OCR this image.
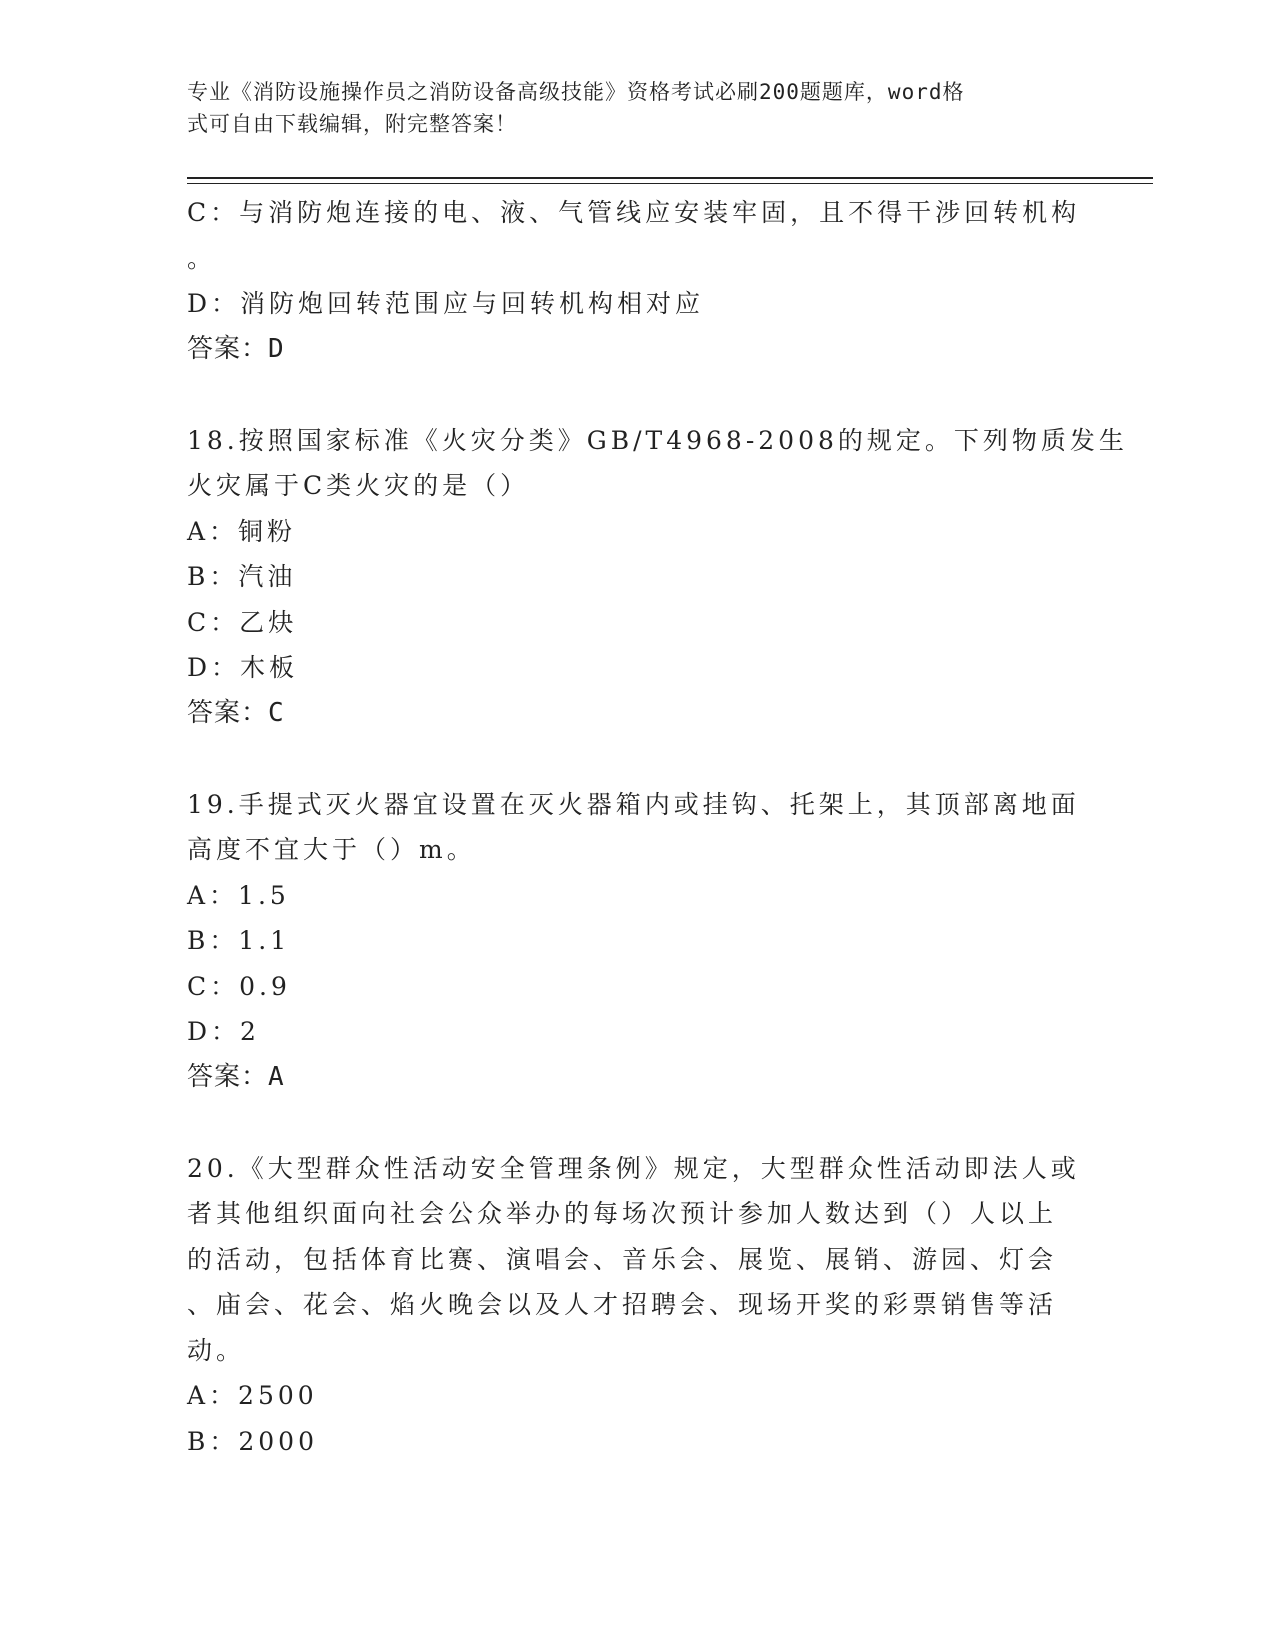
专业《消防设施操作员之消防设备高级技能》资格考试必刷200题题库，word格
式可自由下载编辑，附完整答案！
C：与消防炮连接的电、液、气管线应安装牢固，且不得干涉回转机构
。
D：消防炮回转范围应与回转机构相对应
答案：D
18.按照国家标准《火灾分类》GB/T4968-2008的规定。下列物质发生
火灾属于C类火灾的是（）
A：铜粉
B：汽油
C：乙炔
D：木板
答案：C
19.手提式灭火器宜设置在灭火器箱内或挂钩、托架上，其顶部离地面
高度不宜大于（）m。
A：1.5
B：1.1
C：0.9
D：2
答案：A
20.《大型群众性活动安全管理条例》规定，大型群众性活动即法人或
者其他组织面向社会公众举办的每场次预计参加人数达到（）人以上
的活动，包括体育比赛、演唱会、音乐会、展览、展销、游园、灯会
、庙会、花会、焰火晚会以及人才招聘会、现场开奖的彩票销售等活
动。
A：2500
B：2000
